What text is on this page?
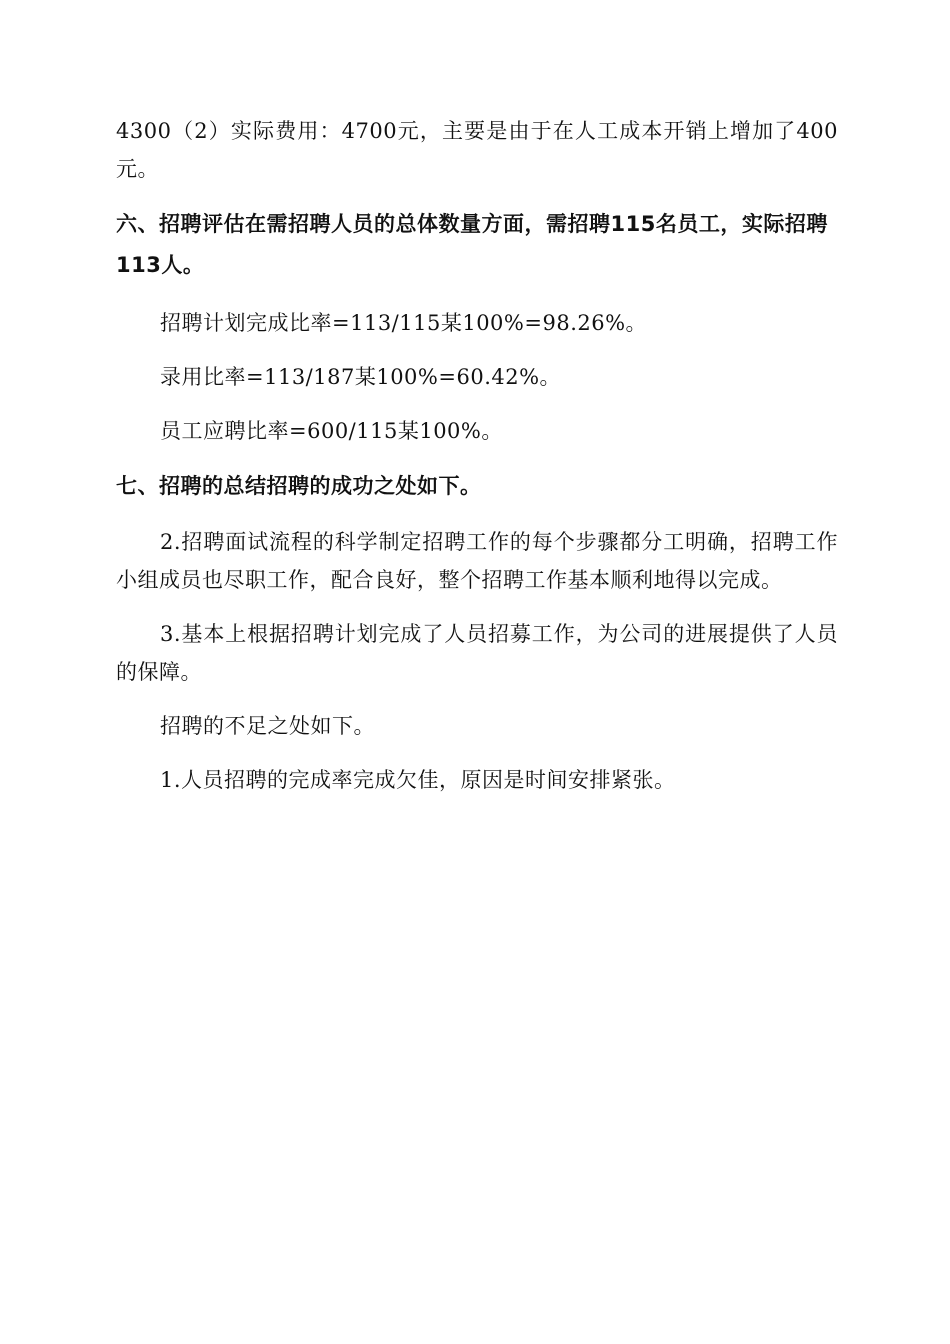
4300（2）实际费用：4700元，主要是由于在人工成本开销上增加了400元。

六、招聘评估在需招聘人员的总体数量方面，需招聘115名员工，实际招聘113人。

招聘计划完成比率=113/115某100%=98.26%。

录用比率=113/187某100%=60.42%。

员工应聘比率=600/115某100%。

七、招聘的总结招聘的成功之处如下。

2.招聘面试流程的科学制定招聘工作的每个步骤都分工明确，招聘工作小组成员也尽职工作，配合良好，整个招聘工作基本顺利地得以完成。

3.基本上根据招聘计划完成了人员招募工作，为公司的进展提供了人员的保障。

招聘的不足之处如下。

1.人员招聘的完成率完成欠佳，原因是时间安排紧张。
